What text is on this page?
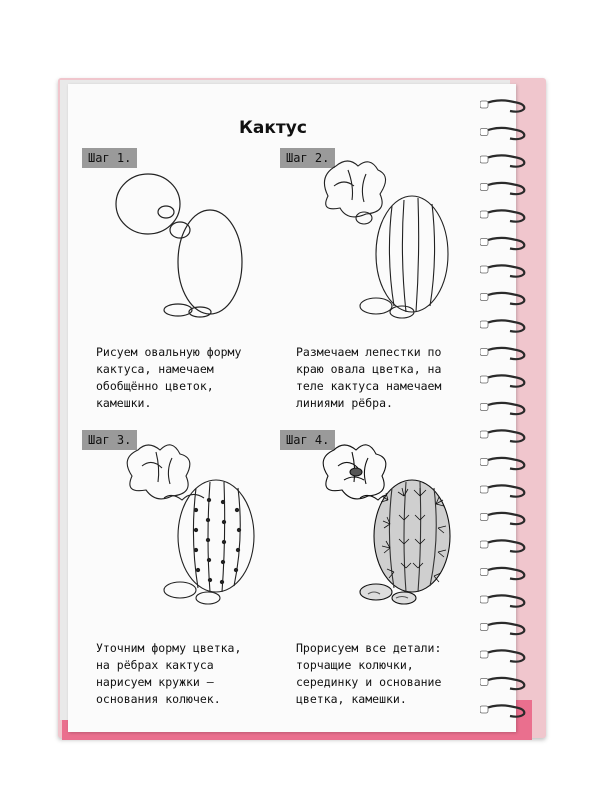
Кактус
Шаг 1.	Шаг 2.
Рисуем овальную форму
кактуса, намечаем
обобщённо цветок,
камешки.
Размечаем лепестки по
краю овала цветка, на
теле кактуса намечаем
линиями рёбра.
Шаг 3.	Шаг 4.
Уточним форму цветка,
на рёбрах кактуса
нарисуем кружки –
основания колючек.
Прорисуем все детали:
торчащие колючки,
серединку и основание
цветка, камешки.
